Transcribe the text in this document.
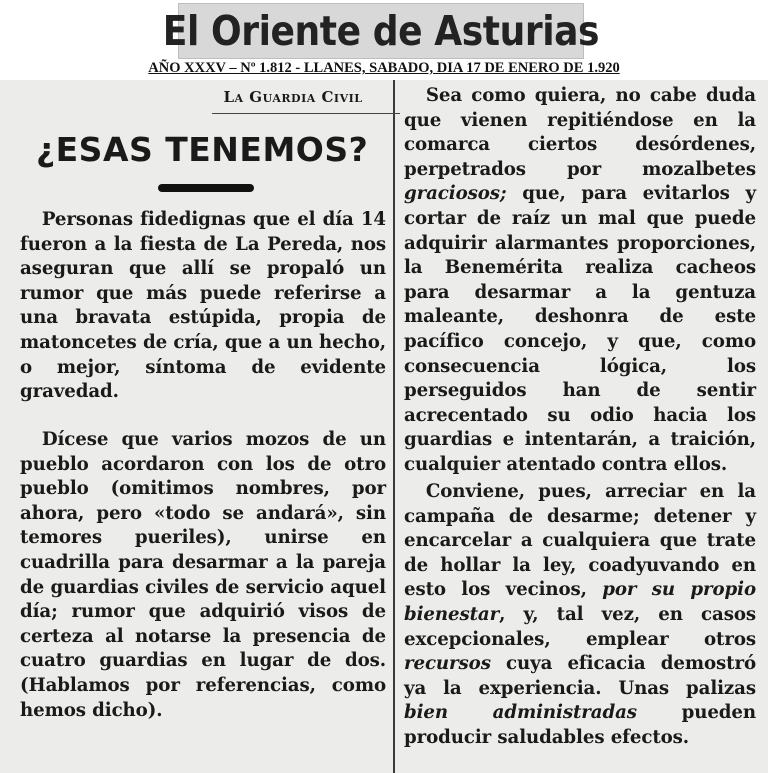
El Oriente de Asturias
AÑO XXXV – Nº 1.812 - LLANES, SABADO, DIA 17 DE ENERO DE 1.920
La Guardia Civil
¿ESAS TENEMOS?

Personas fidedignas que el día 14 fueron a la fiesta de La Pereda, nos aseguran que allí se propaló un rumor que más puede referirse a una bravata estúpida, propia de matoncetes de cría, que a un hecho, o mejor, síntoma de evidente gravedad.

Dícese que varios mozos de un pueblo acordaron con los de otro pueblo (omitimos nombres, por ahora, pero «todo se andará», sin temores pueriles), unirse en cuadrilla para desarmar a la pareja de guardias civiles de servicio aquel día; rumor que adquirió visos de certeza al notarse la presencia de cuatro guardias en lugar de dos. (Hablamos por referencias, como hemos dicho).

Sea como quiera, no cabe duda que vienen repitiéndose en la comarca ciertos desórdenes, perpetrados por mozalbetes graciosos; que, para evitarlos y cortar de raíz un mal que puede adquirir alarmantes proporciones, la Benemérita realiza cacheos para desarmar a la gentuza maleante, deshonra de este pacífico concejo, y que, como consecuencia lógica, los perseguidos han de sentir acrecentado su odio hacia los guardias e intentarán, a traición, cualquier atentado contra ellos.

Conviene, pues, arreciar en la campaña de desarme; detener y encarcelar a cualquiera que trate de hollar la ley, coadyuvando en esto los vecinos, por su propio bienestar, y, tal vez, en casos excepcionales, emplear otros recursos cuya eficacia demostró ya la experiencia. Unas palizas bien administradas pueden producir saludables efectos.
